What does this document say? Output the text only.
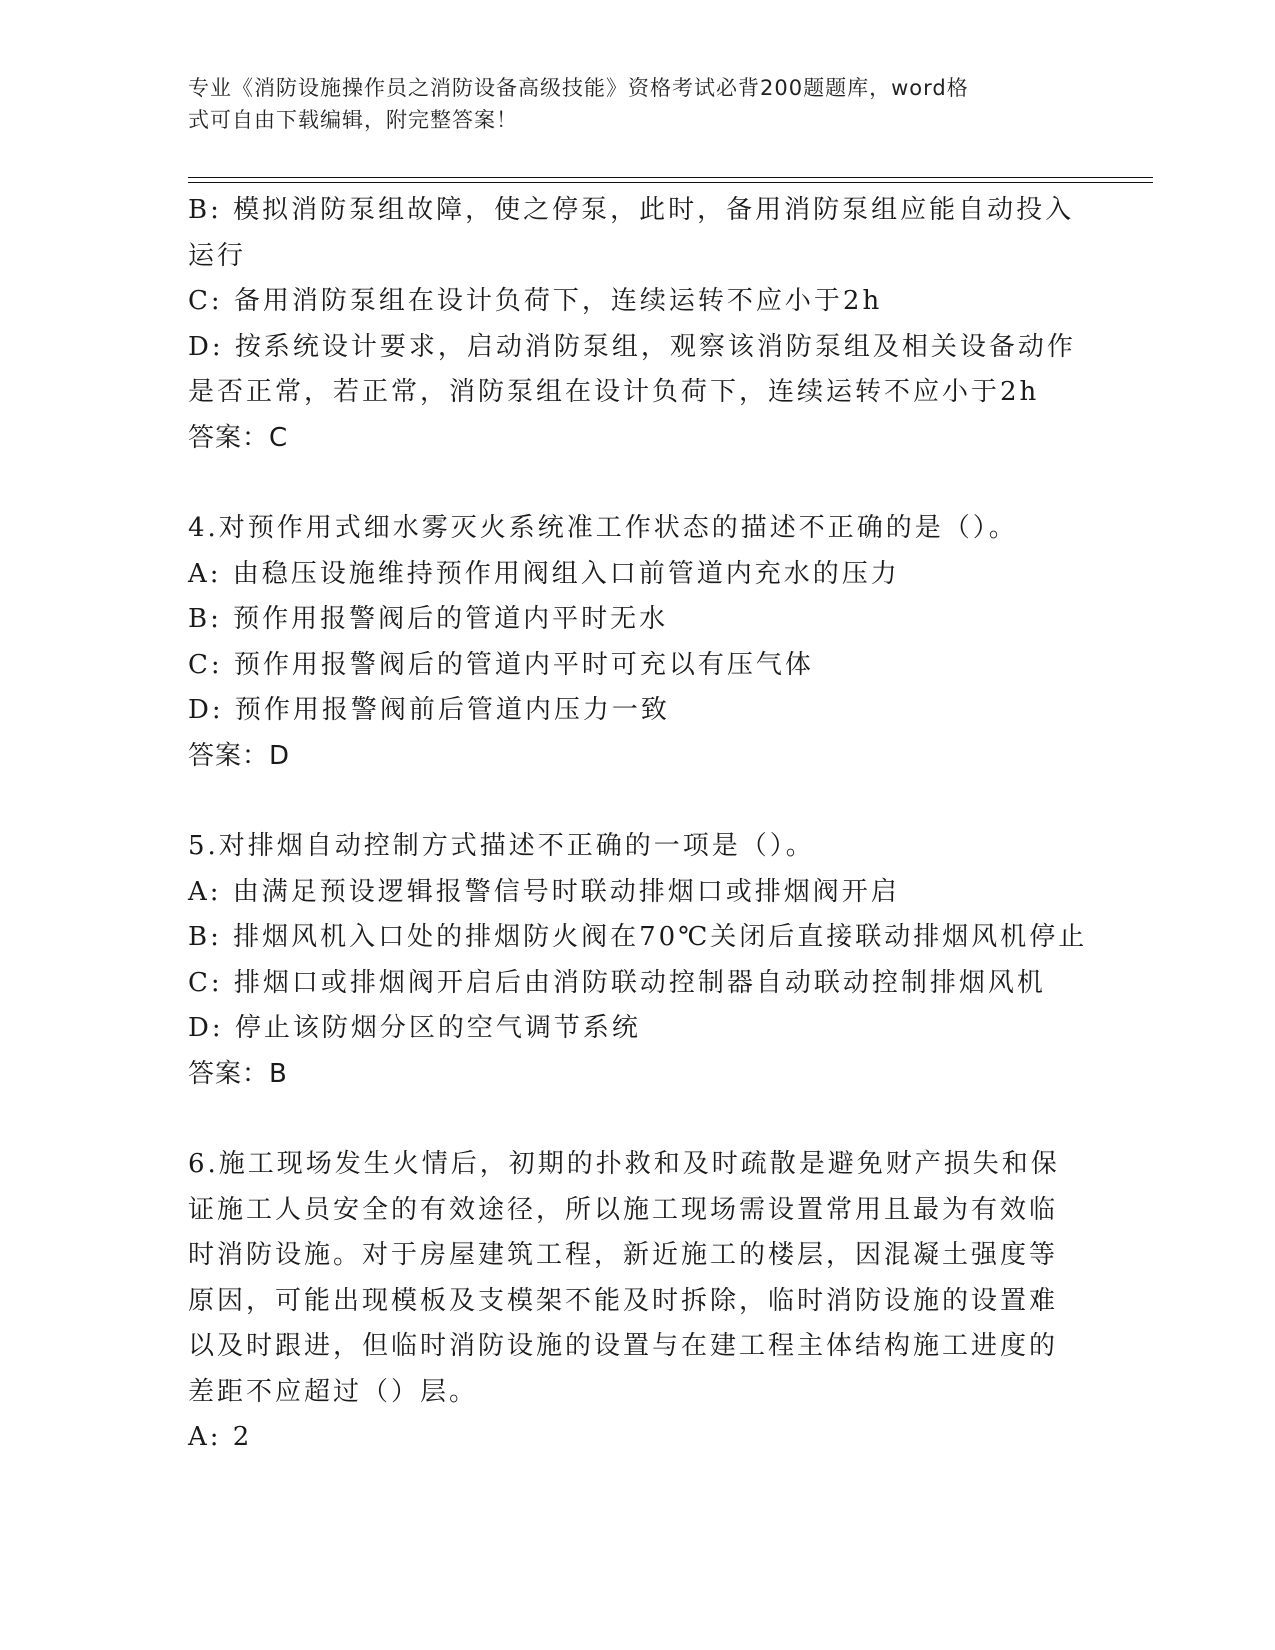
专业《消防设施操作员之消防设备高级技能》资格考试必背200题题库，word格
式可自由下载编辑，附完整答案！

B: 模拟消防泵组故障，使之停泵，此时，备用消防泵组应能自动投入

运行

C: 备用消防泵组在设计负荷下，连续运转不应小于2h

D: 按系统设计要求，启动消防泵组，观察该消防泵组及相关设备动作

是否正常，若正常，消防泵组在设计负荷下，连续运转不应小于2h

答案：C

4.对预作用式细水雾灭火系统准工作状态的描述不正确的是（）。

A: 由稳压设施维持预作用阀组入口前管道内充水的压力

B: 预作用报警阀后的管道内平时无水

C: 预作用报警阀后的管道内平时可充以有压气体

D: 预作用报警阀前后管道内压力一致

答案：D

5.对排烟自动控制方式描述不正确的一项是（）。

A: 由满足预设逻辑报警信号时联动排烟口或排烟阀开启

B: 排烟风机入口处的排烟防火阀在70℃关闭后直接联动排烟风机停止

C: 排烟口或排烟阀开启后由消防联动控制器自动联动控制排烟风机

D: 停止该防烟分区的空气调节系统

答案：B

6.施工现场发生火情后，初期的扑救和及时疏散是避免财产损失和保

证施工人员安全的有效途径，所以施工现场需设置常用且最为有效临

时消防设施。对于房屋建筑工程，新近施工的楼层，因混凝土强度等

原因，可能出现模板及支模架不能及时拆除，临时消防设施的设置难

以及时跟进，但临时消防设施的设置与在建工程主体结构施工进度的

差距不应超过（）层。

A: 2
